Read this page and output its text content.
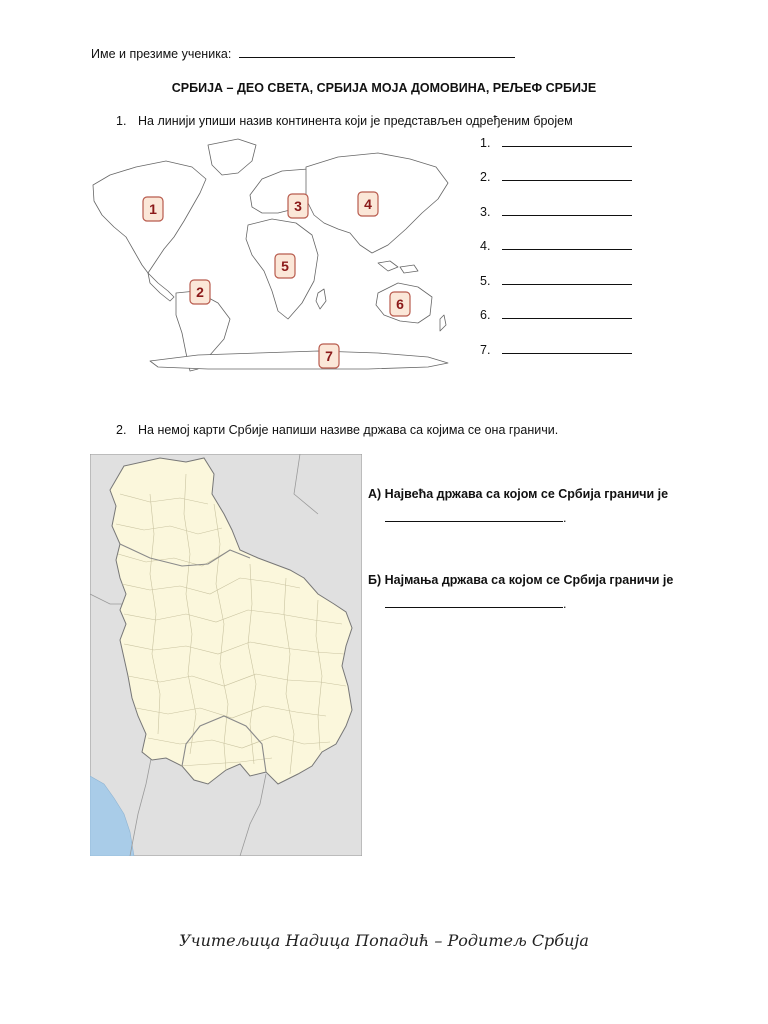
Име и презиме ученика:
СРБИЈА – ДЕО СВЕТА, СРБИЈА МОЈА ДОМОВИНА, РЕЉЕФ СРБИЈЕ
1. На линији упиши назив континента који је представљен одређеним бројем
1
2
3	4
5
6
7
1.
2.
3.
4.
5.
6.
7.
2. На немој карти Србије напиши називе држава са којима се она граничи.
А) Највећа држава са којом се Србија граничи је
.
Б) Најмања држава са којом се Србија граничи је
.
Учитељица Надица Попадић – Родитељ Србија
